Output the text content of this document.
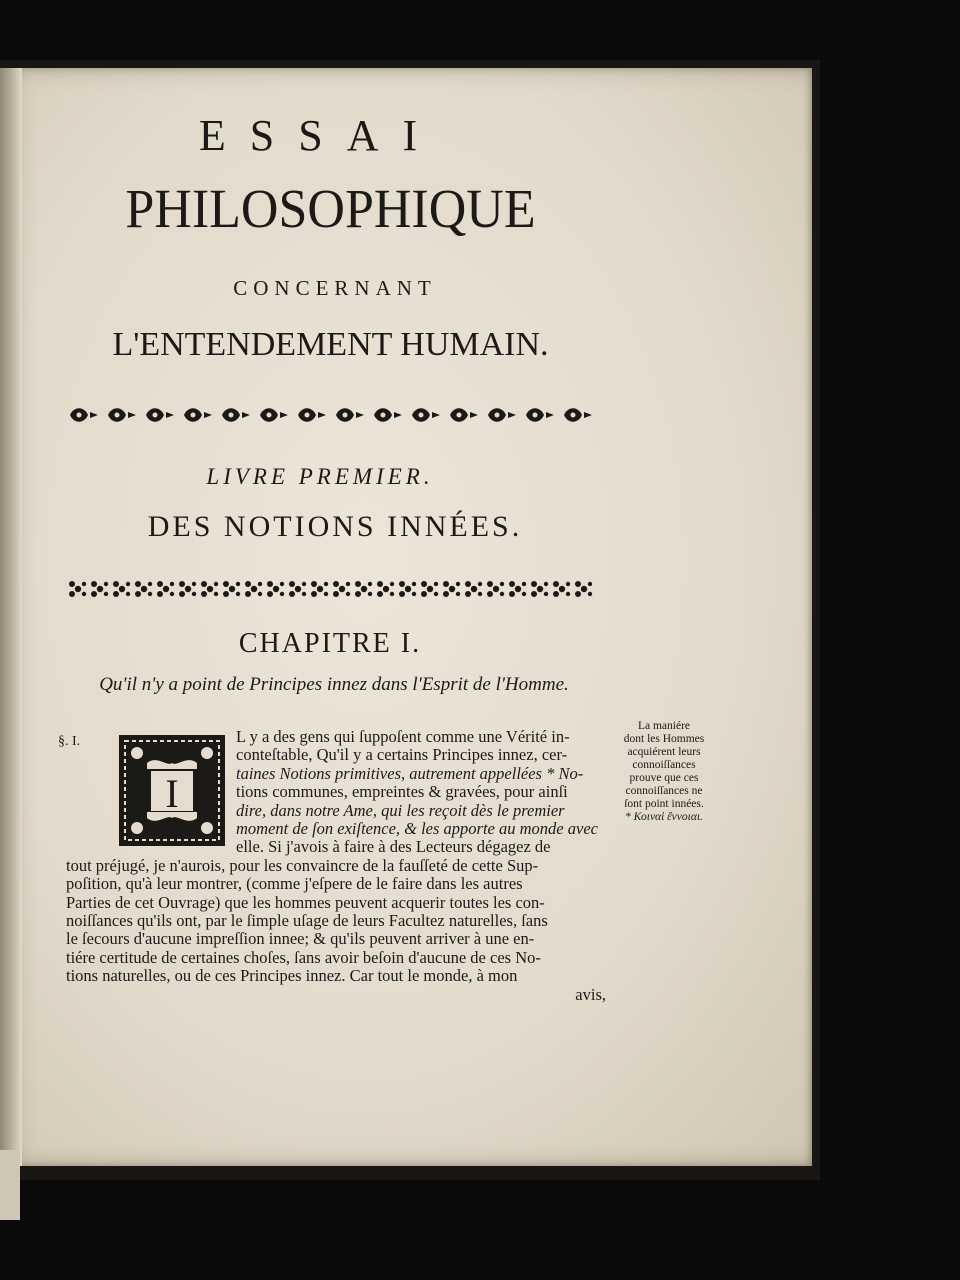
ESSAI
PHILOSOPHIQUE
CONCERNANT
L'ENTENDEMENT HUMAIN.
LIVRE PREMIER.
DES NOTIONS INNÉES.
CHAPITRE I.
Qu'il n'y a point de Principes innez dans l'Esprit de l'Homme.
§. I.
I
L y a des gens qui ſuppoſent comme une Vérité in-
conteſtable, Qu'il y a certains Principes innez, cer-
taines Notions primitives, autrement appellées * No-
tions communes, empreintes & gravées, pour ainſi
dire, dans notre Ame, qui les reçoit dès le premier
moment de ſon exiſtence, & les apporte au monde avec
elle. Si j'avois à faire à des Lecteurs dégagez de
tout préjugé, je n'aurois, pour les convaincre de la fauſſeté de cette Sup-
poſition, qu'à leur montrer, (comme j'eſpere de le faire dans les autres
Parties de cet Ouvrage) que les hommes peuvent acquerir toutes les con-
noiſſances qu'ils ont, par le ſimple uſage de leurs Facultez naturelles, ſans
le ſecours d'aucune impreſſion innee; & qu'ils peuvent arriver à une en-
tiére certitude de certaines choſes, ſans avoir beſoin d'aucune de ces No-
tions naturelles, ou de ces Principes innez. Car tout le monde, à mon
avis,
La maniére
dont les Hommes
acquiérent leurs
connoiſſances
prouve que ces
connoiſſances ne
ſont point innées.
* Κοιναὶ ἔννοιαι.
